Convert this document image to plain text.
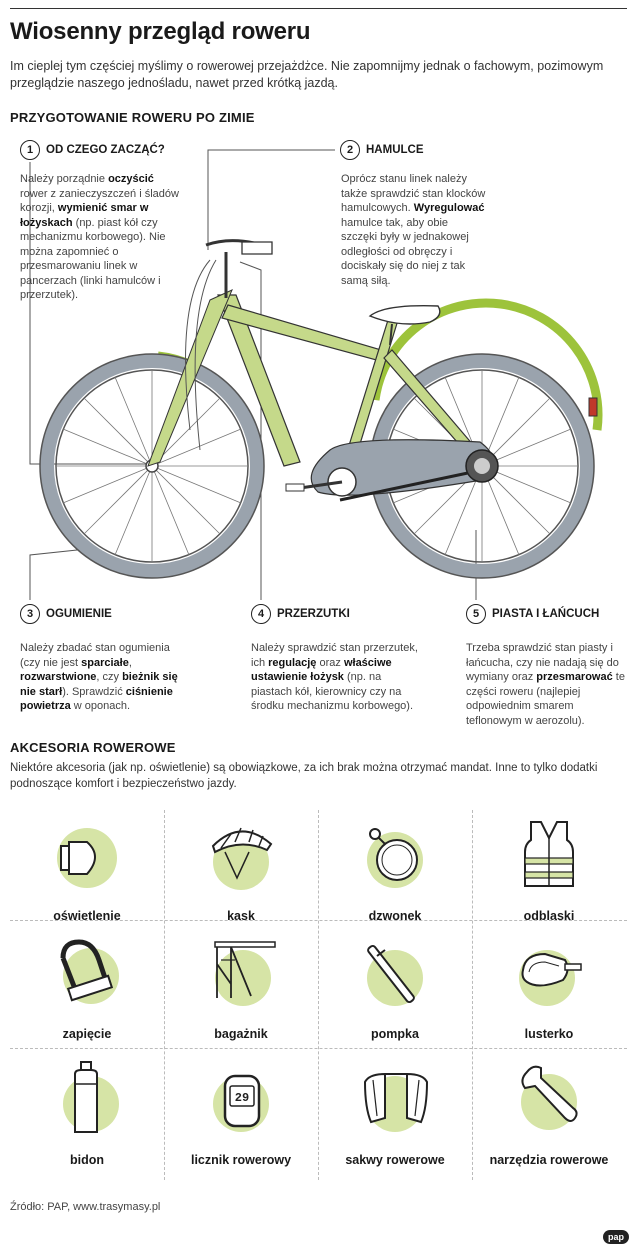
Wiosenny przegląd roweru
Im cieplej tym częściej myślimy o rowerowej przejażdżce. Nie zapomnijmy jednak o fachowym, pozimowym przeglądzie naszego jednośladu, nawet przed krótką jazdą.
PRZYGOTOWANIE ROWERU PO ZIMIE
1	OD CZEGO ZACZĄĆ?	2	HAMULCE
3	OGUMIENIE	4	PRZERZUTKI	5	PIASTA I ŁAŃCUCH
Należy porządnie oczyścić rower z zanieczyszczeń i śladów korozji, wymienić smar w łożyskach (np. piast kół czy mechanizmu korbowego). Nie można zapomnieć o przesmarowaniu linek w pancerzach (linki hamulców i przerzutek).
Oprócz stanu linek należy także sprawdzić stan klocków hamulcowych. Wyregulować hamulce tak, aby obie szczęki były w jednakowej odległości od obręczy i dociskały się do niej z tak samą siłą.
Należy zbadać stan ogumienia (czy nie jest sparciałe, rozwarstwione, czy bieżnik się nie starł). Sprawdzić ciśnienie powietrza w oponach.
Należy sprawdzić stan przerzutek, ich regulację oraz właściwe ustawienie łożysk (np. na piastach kół, kierownicy czy na środku mechanizmu korbowego).
Trzeba sprawdzić stan piasty i łańcucha, czy nie nadają się do wymiany oraz przesmarować te części roweru (najlepiej odpowiednim smarem teflonowym w aerozolu).
AKCESORIA ROWEROWE
Niektóre akcesoria (jak np. oświetlenie) są obowiązkowe, za ich brak można otrzymać mandat. Inne to tylko dodatki podnoszące komfort i bezpieczeństwo jazdy.
oświetlenie	kask	dzwonek	odblaski
zapięcie	bagażnik	pompka	lusterko
bidon
29
licznik rowerowy	sakwy rowerowe	narzędzia rowerowe
Źródło: PAP, www.trasymasy.pl
pap
